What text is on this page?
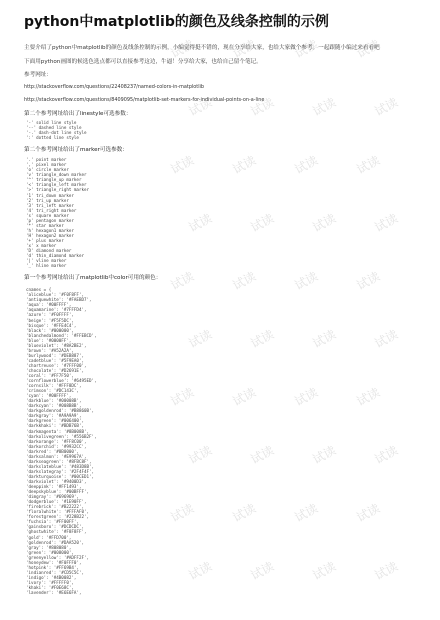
试读	试读	试读	试读
试读	试读	试读	试读
试读	试读	试读	试读
试读	试读	试读	试读
试读	试读	试读	试读
试读	试读	试读	试读
试读	试读	试读	试读
试读	试读	试读	试读
试读	试读	试读	试读
试读	试读	试读	试读
python中matplotlib的颜色及线条控制的示例

主要介绍了python中matplotlib的颜色及线条控制的示例，小编觉得挺不错的，现在分享给大家，也给大家做个参考。一起跟随小编过来看看吧

下面用python画图的候选色选点都可以直接参考这边，牛逼！分享给大家，也给自己留个笔记。

参考网址：

http://stackoverflow.com/questions/22408237/named-colors-in-matplotlib
http://stackoverflow.com/questions/8409095/matplotlib-set-markers-for-individual-points-on-a-line
第二个参考网址给出了linestyle可选参数：
'-' solid line style
'--' dashed line style
'-.' dash-dot line style
':' dotted line style
第二个参考网址给出了marker可选参数：
'.' point marker
',' pixel marker
'o' circle marker
'v' triangle_down marker
'^' triangle_up marker
'<' triangle_left marker
'>' triangle_right marker
'1' tri_down marker
'2' tri_up marker
'3' tri_left marker
'4' tri_right marker
's' square marker
'p' pentagon marker
'*' star marker
'h' hexagon1 marker
'H' hexagon2 marker
'+' plus marker
'x' x marker
'D' diamond marker
'd' thin_diamond marker
'|' vline marker
'_' hline marker
第一个参考网址给出了matplotlib中color可用的颜色：
cnames = {
'aliceblue': '#F0F8FF',
'antiquewhite': '#FAEBD7',
'aqua': '#00FFFF',
'aquamarine': '#7FFFD4',
'azure': '#F0FFFF',
'beige': '#F5F5DC',
'bisque': '#FFE4C4',
'black': '#000000',
'blanchedalmond': '#FFEBCD',
'blue': '#0000FF',
'blueviolet': '#8A2BE2',
'brown': '#A52A2A',
'burlywood': '#DEB887',
'cadetblue': '#5F9EA0',
'chartreuse': '#7FFF00',
'chocolate': '#D2691E',
'coral': '#FF7F50',
'cornflowerblue': '#6495ED',
'cornsilk': '#FFF8DC',
'crimson': '#DC143C',
'cyan': '#00FFFF',
'darkblue': '#00008B',
'darkcyan': '#008B8B',
'darkgoldenrod': '#B8860B',
'darkgray': '#A9A9A9',
'darkgreen': '#006400',
'darkkhaki': '#BDB76B',
'darkmagenta': '#8B008B',
'darkolivegreen': '#556B2F',
'darkorange': '#FF8C00',
'darkorchid': '#9932CC',
'darkred': '#8B0000',
'darksalmon': '#E9967A',
'darkseagreen': '#8FBC8F',
'darkslateblue': '#483D8B',
'darkslategray': '#2F4F4F',
'darkturquoise': '#00CED1',
'darkviolet': '#9400D3',
'deeppink': '#FF1493',
'deepskyblue': '#00BFFF',
'dimgray': '#696969',
'dodgerblue': '#1E90FF',
'firebrick': '#B22222',
'floralwhite': '#FFFAF0',
'forestgreen': '#228B22',
'fuchsia': '#FF00FF',
'gainsboro': '#DCDCDC',
'ghostwhite': '#F8F8FF',
'gold': '#FFD700',
'goldenrod': '#DAA520',
'gray': '#808080',
'green': '#008000',
'greenyellow': '#ADFF2F',
'honeydew': '#F0FFF0',
'hotpink': '#FF69B4',
'indianred': '#CD5C5C',
'indigo': '#4B0082',
'ivory': '#FFFFF0',
'khaki': '#F0E68C',
'lavender': '#E6E6FA',
